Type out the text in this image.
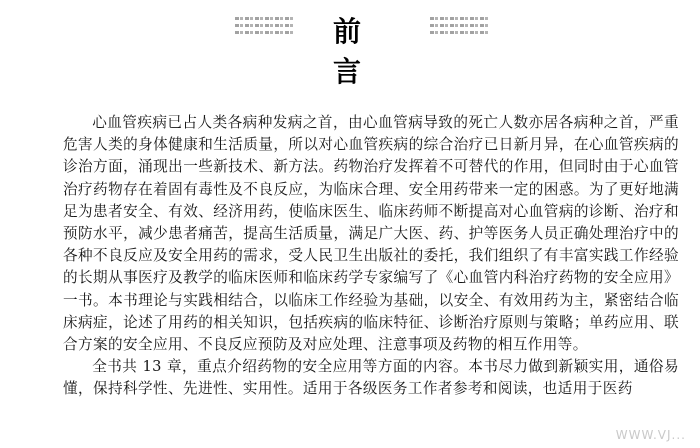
前 言

心血管疾病已占人类各病种发病之首，由心血管病导致的死亡人数亦居各病种之首，严重危害人类的身体健康和生活质量，所以对心血管疾病的综合治疗已日新月异，在心血管疾病的诊治方面，涌现出一些新技术、新方法。药物治疗发挥着不可替代的作用，但同时由于心血管治疗药物存在着固有毒性及不良反应，为临床合理、安全用药带来一定的困惑。为了更好地满足为患者安全、有效、经济用药，使临床医生、临床药师不断提高对心血管病的诊断、治疗和预防水平，减少患者痛苦，提高生活质量，满足广大医、药、护等医务人员正确处理治疗中的各种不良反应及安全用药的需求，受人民卫生出版社的委托，我们组织了有丰富实践工作经验的长期从事医疗及教学的临床医师和临床药学专家编写了《心血管内科治疗药物的安全应用》一书。本书理论与实践相结合，以临床工作经验为基础，以安全、有效用药为主，紧密结合临床病症，论述了用药的相关知识，包括疾病的临床特征、诊断治疗原则与策略；单药应用、联合方案的安全应用、不良反应预防及对应处理、注意事项及药物的相互作用等。

全书共 13 章，重点介绍药物的安全应用等方面的内容。本书尽力做到新颖实用，通俗易懂，保持科学性、先进性、实用性。适用于各级医务工作者参考和阅读，也适用于医药

WWW.VJ...
